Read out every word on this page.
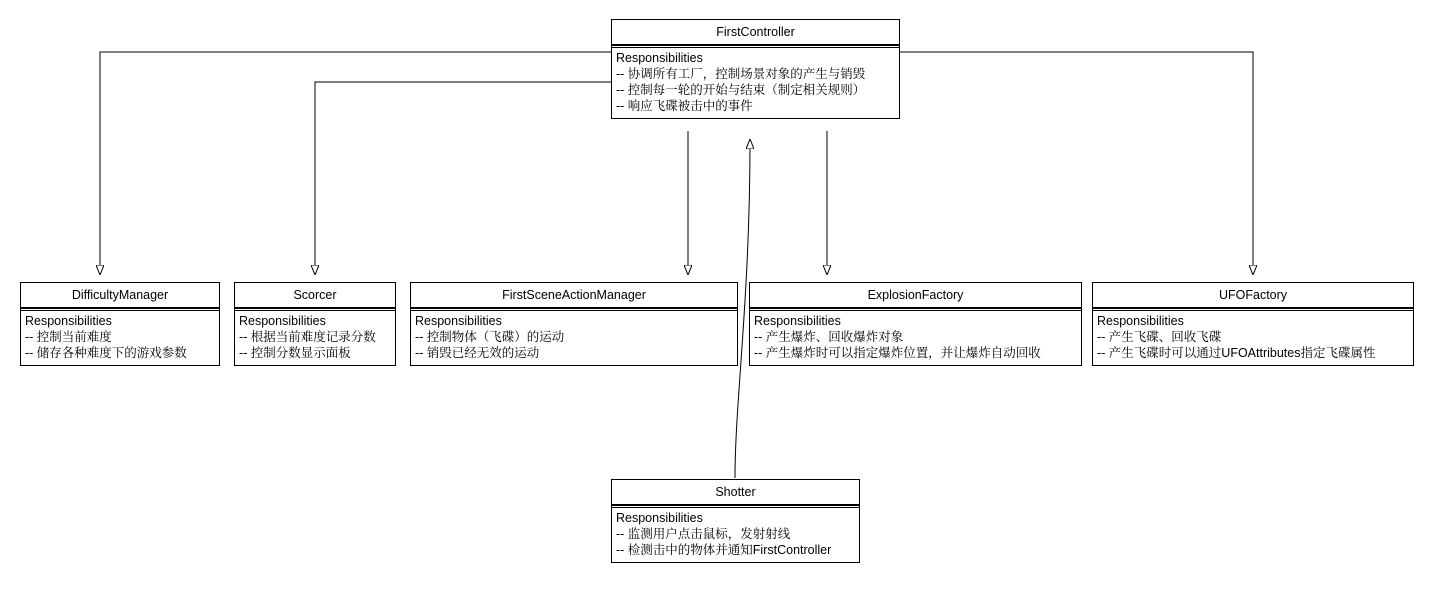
FirstController
Responsibilities
-- 协调所有工厂，控制场景对象的产生与销毁
-- 控制每一轮的开始与结束（制定相关规则）
-- 响应飞碟被击中的事件
DifficultyManager
Responsibilities
-- 控制当前难度
-- 储存各种难度下的游戏参数
Scorcer
Responsibilities
-- 根据当前难度记录分数
-- 控制分数显示面板
FirstSceneActionManager
Responsibilities
-- 控制物体（飞碟）的运动
-- 销毁已经无效的运动
ExplosionFactory
Responsibilities
-- 产生爆炸、回收爆炸对象
-- 产生爆炸时可以指定爆炸位置，并让爆炸自动回收
UFOFactory
Responsibilities
-- 产生飞碟、回收飞碟
-- 产生飞碟时可以通过UFOAttributes指定飞碟属性
Shotter
Responsibilities
-- 监测用户点击鼠标，发射射线
-- 检测击中的物体并通知FirstController
